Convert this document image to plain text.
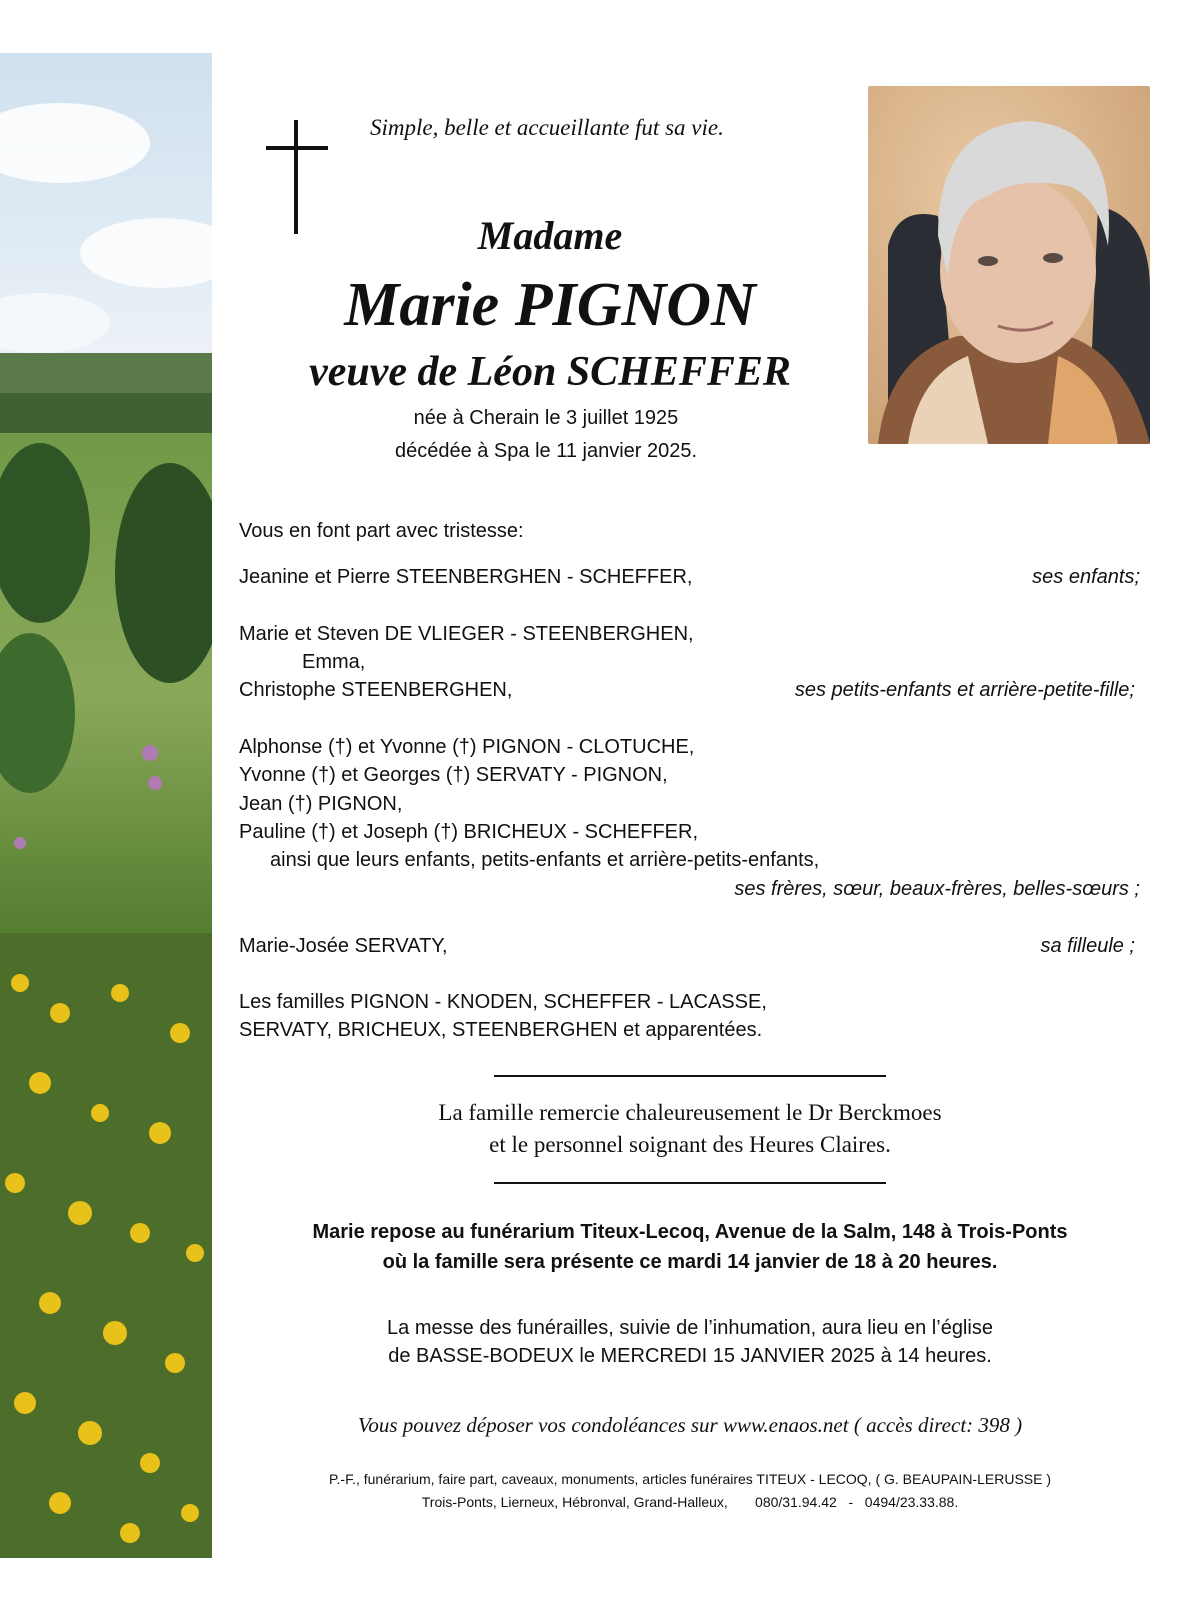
Simple, belle et accueillante fut sa vie.
Madame
Marie PIGNON
veuve de Léon SCHEFFER
née à Cherain le 3 juillet 1925
décédée à Spa le 11 janvier 2025.
Vous en font part avec tristesse:
Jeanine et Pierre STEENBERGHEN - SCHEFFER,	ses enfants;
Marie et Steven DE VLIEGER - STEENBERGHEN,
Emma,
Christophe STEENBERGHEN,	ses petits-enfants et arrière-petite-fille;
Alphonse (†) et Yvonne (†) PIGNON - CLOTUCHE,
Yvonne (†) et Georges (†) SERVATY - PIGNON,
Jean (†) PIGNON,
Pauline (†) et Joseph (†) BRICHEUX - SCHEFFER,
ainsi que leurs enfants, petits-enfants et arrière-petits-enfants,
ses frères, sœur, beaux-frères, belles-sœurs ;
Marie-Josée SERVATY,	sa filleule ;
Les familles PIGNON - KNODEN, SCHEFFER - LACASSE,
SERVATY, BRICHEUX, STEENBERGHEN et apparentées.
La famille remercie chaleureusement le Dr Berckmoes
et le personnel soignant des Heures Claires.
Marie repose au funérarium Titeux-Lecoq, Avenue de la Salm, 148 à Trois-Ponts
où la famille sera présente ce mardi 14 janvier de 18 à 20 heures.
La messe des funérailles, suivie de l’inhumation, aura lieu en l’église
de BASSE-BODEUX le MERCREDI 15 JANVIER 2025 à 14 heures.
Vous pouvez déposer vos condoléances sur www.enaos.net ( accès direct: 398 )
P.-F., funérarium, faire part, caveaux, monuments, articles funéraires TITEUX - LECOQ, ( G. BEAUPAIN-LERUSSE )
Trois-Ponts, Lierneux, Hébronval, Grand-Halleux,       080/31.94.42   -   0494/23.33.88.
